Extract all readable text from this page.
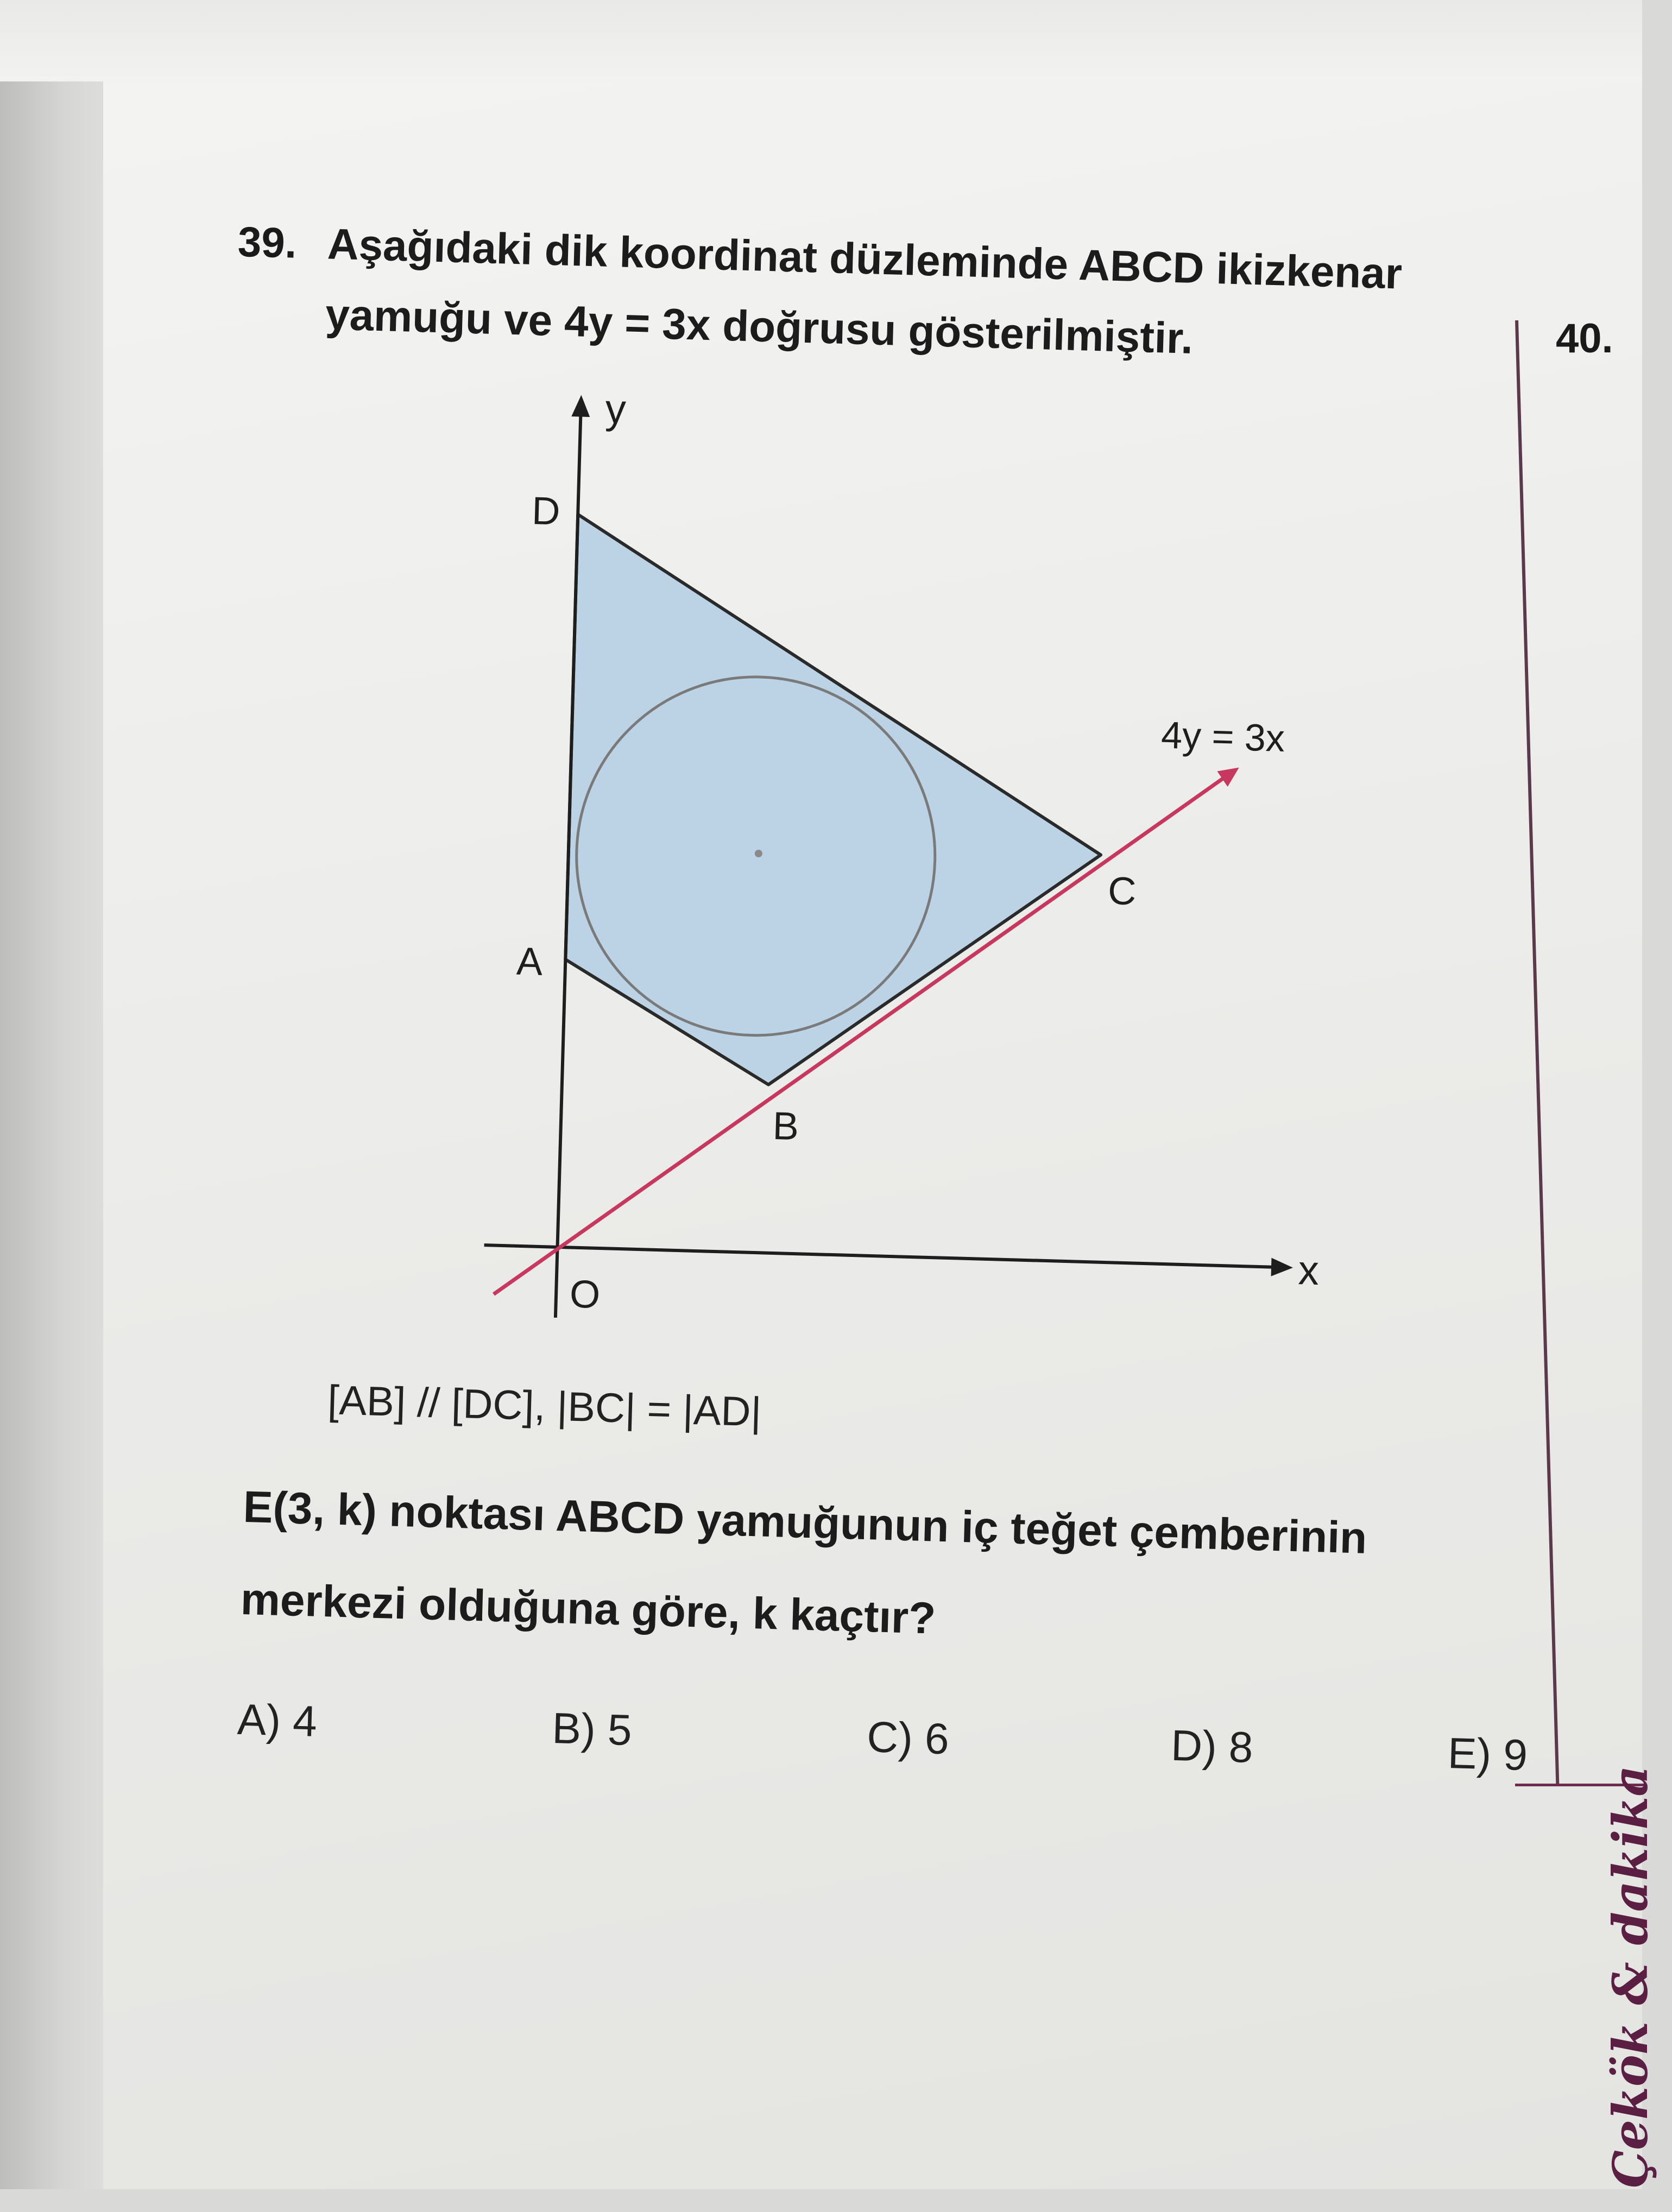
39. Aşağıdaki dik koordinat düzleminde ABCD ikizkenar
yamuğu ve 4y = 3x doğrusu gösterilmiştir.
y
x
O
D
A
B
C
4y = 3x
[AB] // [DC], |BC| = |AD|
E(3, k) noktası ABCD yamuğunun iç teğet çemberinin
merkezi olduğuna göre, k kaçtır?
A) 4	B) 5	C) 6	D) 8	E) 9
40.
Çekök & dakika
